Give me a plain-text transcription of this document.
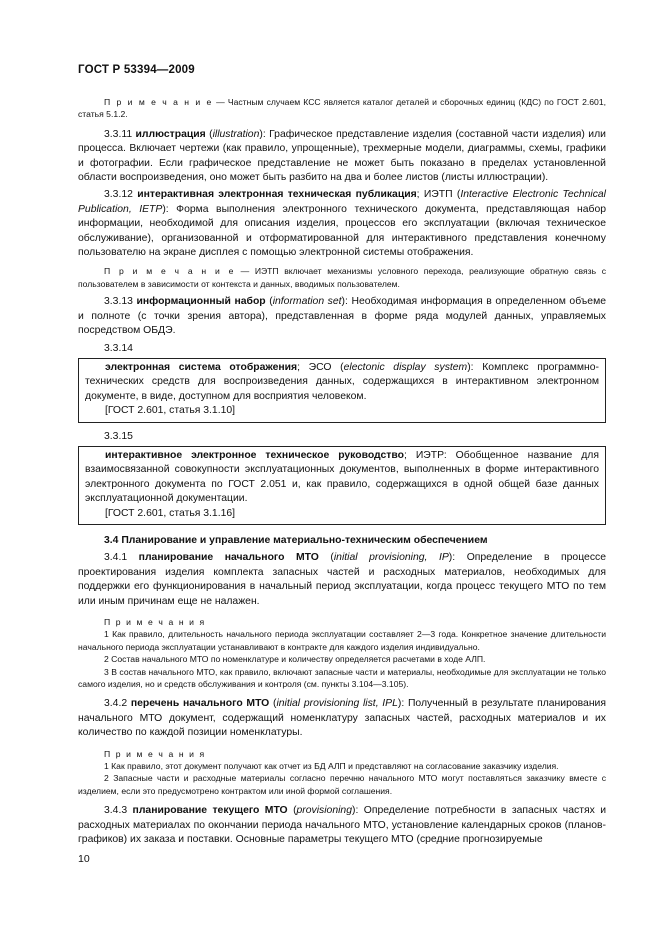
ГОСТ Р 53394—2009

П р и м е ч а н и е — Частным случаем КСС является каталог деталей и сборочных единиц (КДС) по ГОСТ 2.601, статья 5.1.2.

3.3.11 иллюстрация (illustration): Графическое представление изделия (составной части изделия) или процесса. Включает чертежи (как правило, упрощенные), трехмерные модели, диаграммы, схемы, графики и фотографии. Если графическое представление не может быть показано в пределах установленной области воспроизведения, оно может быть разбито на два и более листов (листы иллюстрации).

3.3.12 интерактивная электронная техническая публикация; ИЭТП (Interactive Electronic Technical Publication, IETP): Форма выполнения электронного технического документа, представляющая набор информации, необходимой для описания изделия, процессов его эксплуатации (включая техническое обслуживание), организованной и отформатированной для интерактивного представления конечному пользователю на экране дисплея с помощью электронной системы отображения.

П р и м е ч а н и е — ИЭТП включает механизмы условного перехода, реализующие обратную связь с пользователем в зависимости от контекста и данных, вводимых пользователем.

3.3.13 информационный набор (information set): Необходимая информация в определенном объеме и полноте (с точки зрения автора), представленная в форме ряда модулей данных, управляемых посредством ОБДЭ.

3.3.14

электронная система отображения; ЭСО (electonic display system): Комплекс программно-технических средств для воспроизведения данных, содержащихся в интерактивном электронном документе, в виде, доступном для восприятия человеком.

[ГОСТ 2.601, статья 3.1.10]

3.3.15

интерактивное электронное техническое руководство; ИЭТР: Обобщенное название для взаимосвязанной совокупности эксплуатационных документов, выполненных в форме интерактивного электронного документа по ГОСТ 2.051 и, как правило, содержащихся в одной общей базе данных эксплуатационной документации.

[ГОСТ 2.601, статья 3.1.16]

3.4 Планирование и управление материально-техническим обеспечением

3.4.1 планирование начального МТО (initial provisioning, IP): Определение в процессе проектирования изделия комплекта запасных частей и расходных материалов, необходимых для поддержки его функционирования в начальный период эксплуатации, когда процесс текущего МТО по тем или иным причинам еще не налажен.

П р и м е ч а н и я

1 Как правило, длительность начального периода эксплуатации составляет 2—3 года. Конкретное значение длительности начального периода эксплуатации устанавливают в контракте для каждого изделия индивидуально.

2 Состав начального МТО по номенклатуре и количеству определяется расчетами в ходе АЛП.

3 В состав начального МТО, как правило, включают запасные части и материалы, необходимые для эксплуатации не только самого изделия, но и средств обслуживания и контроля (см. пункты 3.104—3.105).

3.4.2 перечень начального МТО (initial provisioning list, IPL): Полученный в результате планирования начального МТО документ, содержащий номенклатуру запасных частей, расходных материалов и их количество по каждой позиции номенклатуры.

П р и м е ч а н и я

1 Как правило, этот документ получают как отчет из БД АЛП и представляют на согласование заказчику изделия.

2 Запасные части и расходные материалы согласно перечню начального МТО могут поставляться заказчику вместе с изделием, если это предусмотрено контрактом или иной формой соглашения.

3.4.3 планирование текущего МТО (provisioning): Определение потребности в запасных частях и расходных материалах по окончании периода начального МТО, установление календарных сроков (планов-графиков) их заказа и поставки. Основные параметры текущего МТО (средние прогнозируемые

10
